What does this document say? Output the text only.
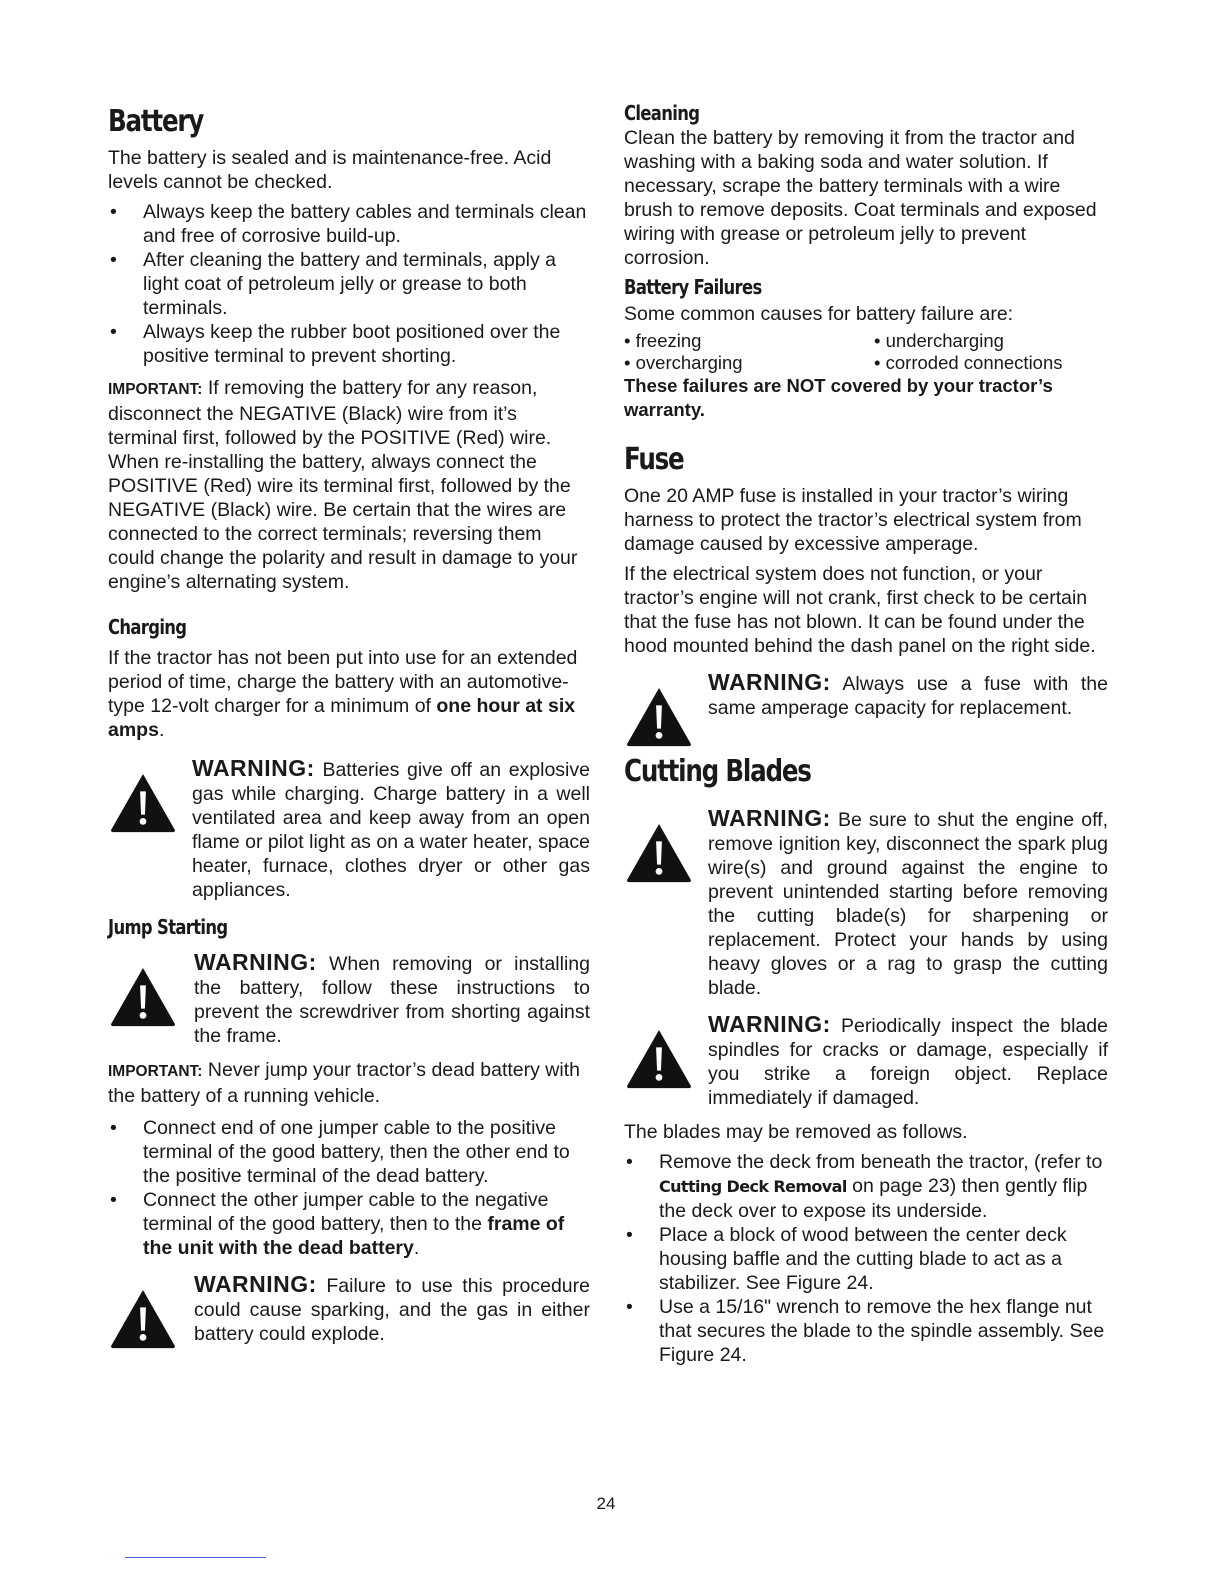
Battery

The battery is sealed and is maintenance-free. Acid levels cannot be checked.

• Always keep the battery cables and terminals clean and free of corrosive build-up.
• After cleaning the battery and terminals, apply a light coat of petroleum jelly or grease to both terminals.
• Always keep the rubber boot positioned over the positive terminal to prevent shorting.

IMPORTANT: If removing the battery for any reason, disconnect the NEGATIVE (Black) wire from it’s terminal first, followed by the POSITIVE (Red) wire. When re-installing the battery, always connect the POSITIVE (Red) wire its terminal first, followed by the NEGATIVE (Black) wire. Be certain that the wires are connected to the correct terminals; reversing them could change the polarity and result in damage to your engine’s alternating system.

Charging

If the tractor has not been put into use for an extended period of time, charge the battery with an automotive-type 12-volt charger for a minimum of one hour at six amps.

WARNING: Batteries give off an explosive gas while charging. Charge battery in a well ventilated area and keep away from an open flame or pilot light as on a water heater, space heater, furnace, clothes dryer or other gas appliances.

Jump Starting

WARNING: When removing or installing the battery, follow these instructions to prevent the screwdriver from shorting against the frame.

IMPORTANT: Never jump your tractor’s dead battery with the battery of a running vehicle.

• Connect end of one jumper cable to the positive terminal of the good battery, then the other end to the positive terminal of the dead battery.
• Connect the other jumper cable to the negative terminal of the good battery, then to the frame of the unit with the dead battery.

WARNING: Failure to use this procedure could cause sparking, and the gas in either battery could explode.

Cleaning

Clean the battery by removing it from the tractor and washing with a baking soda and water solution. If necessary, scrape the battery terminals with a wire brush to remove deposits. Coat terminals and exposed wiring with grease or petroleum jelly to prevent corrosion.

Battery Failures

Some common causes for battery failure are:

• freezing	• undercharging
• overcharging	• corroded connections

These failures are NOT covered by your tractor’s warranty.

Fuse

One 20 AMP fuse is installed in your tractor’s wiring harness to protect the tractor’s electrical system from damage caused by excessive amperage.

If the electrical system does not function, or your tractor’s engine will not crank, first check to be certain that the fuse has not blown. It can be found under the hood mounted behind the dash panel on the right side.

WARNING: Always use a fuse with the same amperage capacity for replacement.

Cutting Blades

WARNING: Be sure to shut the engine off, remove ignition key, disconnect the spark plug wire(s) and ground against the engine to prevent unintended starting before removing the cutting blade(s) for sharpening or replacement. Protect your hands by using heavy gloves or a rag to grasp the cutting blade.

WARNING: Periodically inspect the blade spindles for cracks or damage, especially if you strike a foreign object. Replace immediately if damaged.

The blades may be removed as follows.

• Remove the deck from beneath the tractor, (refer to Cutting Deck Removal on page 23) then gently flip the deck over to expose its underside.
• Place a block of wood between the center deck housing baffle and the cutting blade to act as a stabilizer. See Figure 24.
• Use a 15/16" wrench to remove the hex flange nut that secures the blade to the spindle assembly. See Figure 24.
24
